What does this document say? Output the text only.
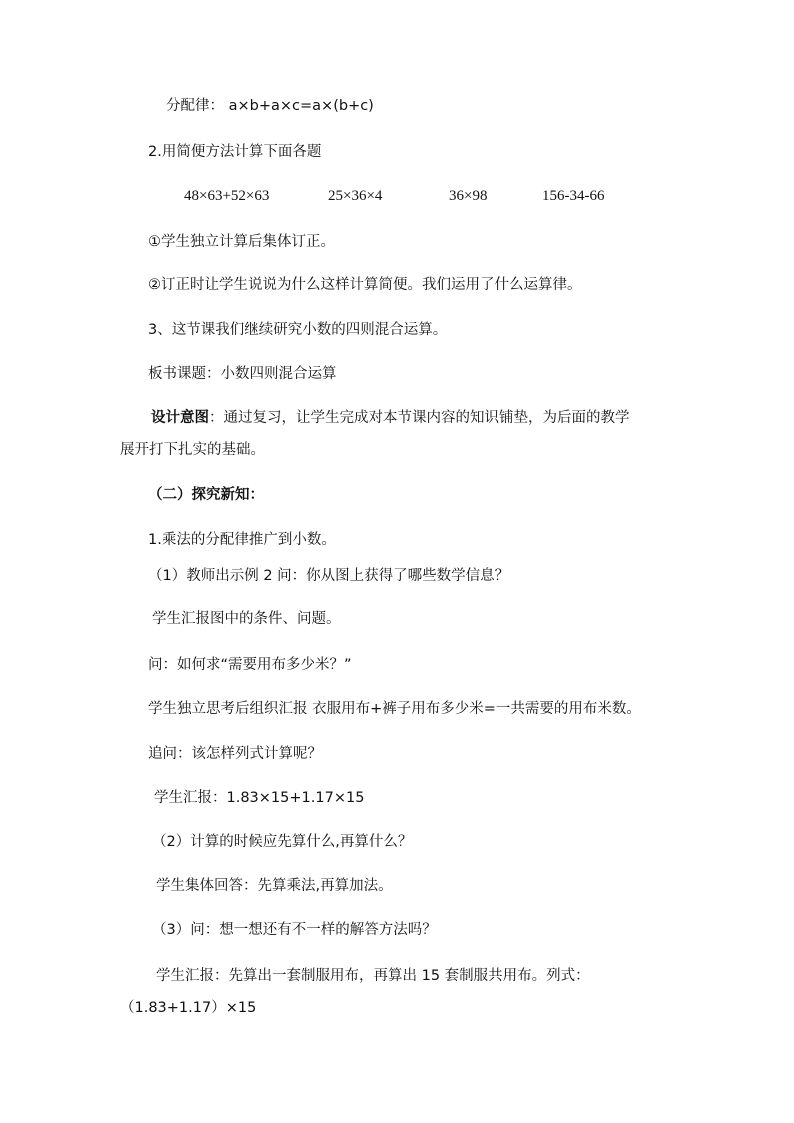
分配律： a×b+a×c=a×(b+c)
2.用简便方法计算下面各题
48×63+52×63	25×36×4	36×98	156-34-66
①学生独立计算后集体订正。
②订正时让学生说说为什么这样计算简便。我们运用了什么运算律。
3、这节课我们继续研究小数的四则混合运算。
板书课题：小数四则混合运算
设计意图：通过复习，让学生完成对本节课内容的知识铺垫，为后面的教学
展开打下扎实的基础。
（二）探究新知：
1.乘法的分配律推广到小数。
（1）教师出示例 2 问：你从图上获得了哪些数学信息？
学生汇报图中的条件、问题。
问：如何求“需要用布多少米？”
学生独立思考后组织汇报 衣服用布+裤子用布多少米=一共需要的用布米数。
追问：该怎样列式计算呢？
学生汇报：1.83×15+1.17×15
（2）计算的时候应先算什么,再算什么？
学生集体回答：先算乘法,再算加法。
（3）问：想一想还有不一样的解答方法吗？
学生汇报：先算出一套制服用布，再算出 15 套制服共用布。列式：
（1.83+1.17）×15
